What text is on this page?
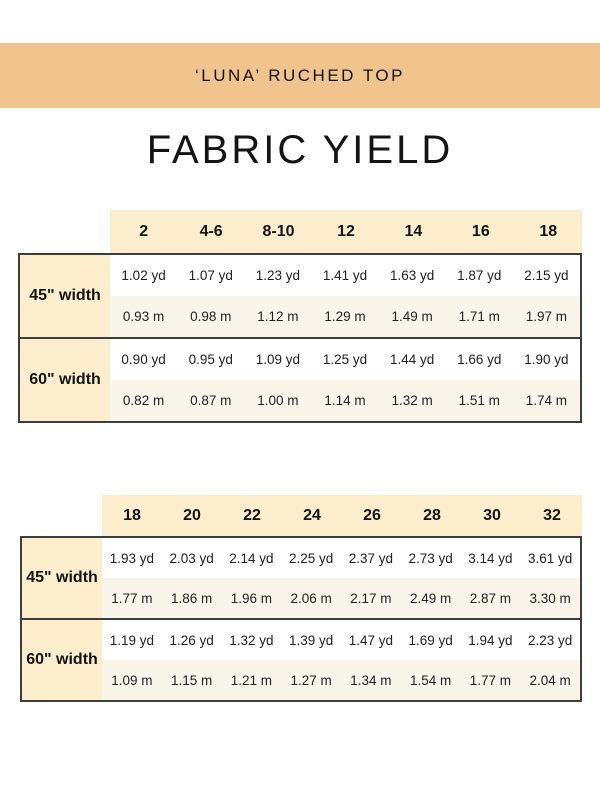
‘LUNA’ RUCHED TOP
FABRIC YIELD
2	4-6	8-10	12	14	16	18
45" width
1.02 yd	1.07 yd	1.23 yd	1.41 yd	1.63 yd	1.87 yd	2.15 yd
0.93 m	0.98 m	1.12 m	1.29 m	1.49 m	1.71 m	1.97 m
60" width
0.90 yd	0.95 yd	1.09 yd	1.25 yd	1.44 yd	1.66 yd	1.90 yd
0.82 m	0.87 m	1.00 m	1.14 m	1.32 m	1.51 m	1.74 m
18	20	22	24	26	28	30	32
45" width
1.93 yd	2.03 yd	2.14 yd	2.25 yd	2.37 yd	2.73 yd	3.14 yd	3.61 yd
1.77 m	1.86 m	1.96 m	2.06 m	2.17 m	2.49 m	2.87 m	3.30 m
60" width
1.19 yd	1.26 yd	1.32 yd	1.39 yd	1.47 yd	1.69 yd	1.94 yd	2.23 yd
1.09 m	1.15 m	1.21 m	1.27 m	1.34 m	1.54 m	1.77 m	2.04 m
